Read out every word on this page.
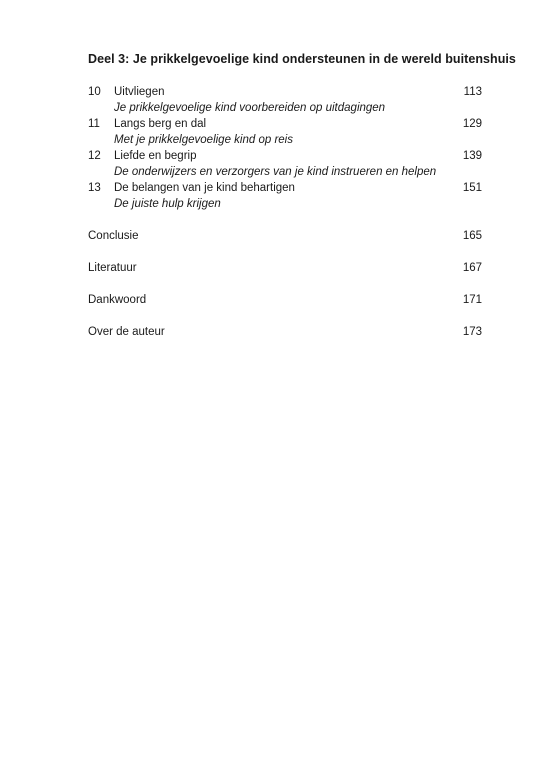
Deel 3: Je prikkelgevoelige kind ondersteunen in de wereld buitenshuis
10 Uitvliegen	113
Je prikkelgevoelige kind voorbereiden op uitdagingen
11 Langs berg en dal	129
Met je prikkelgevoelige kind op reis
12 Liefde en begrip	139
De onderwijzers en verzorgers van je kind instrueren en helpen
13 De belangen van je kind behartigen	151
De juiste hulp krijgen
Conclusie	165
Literatuur	167
Dankwoord	171
Over de auteur	173
